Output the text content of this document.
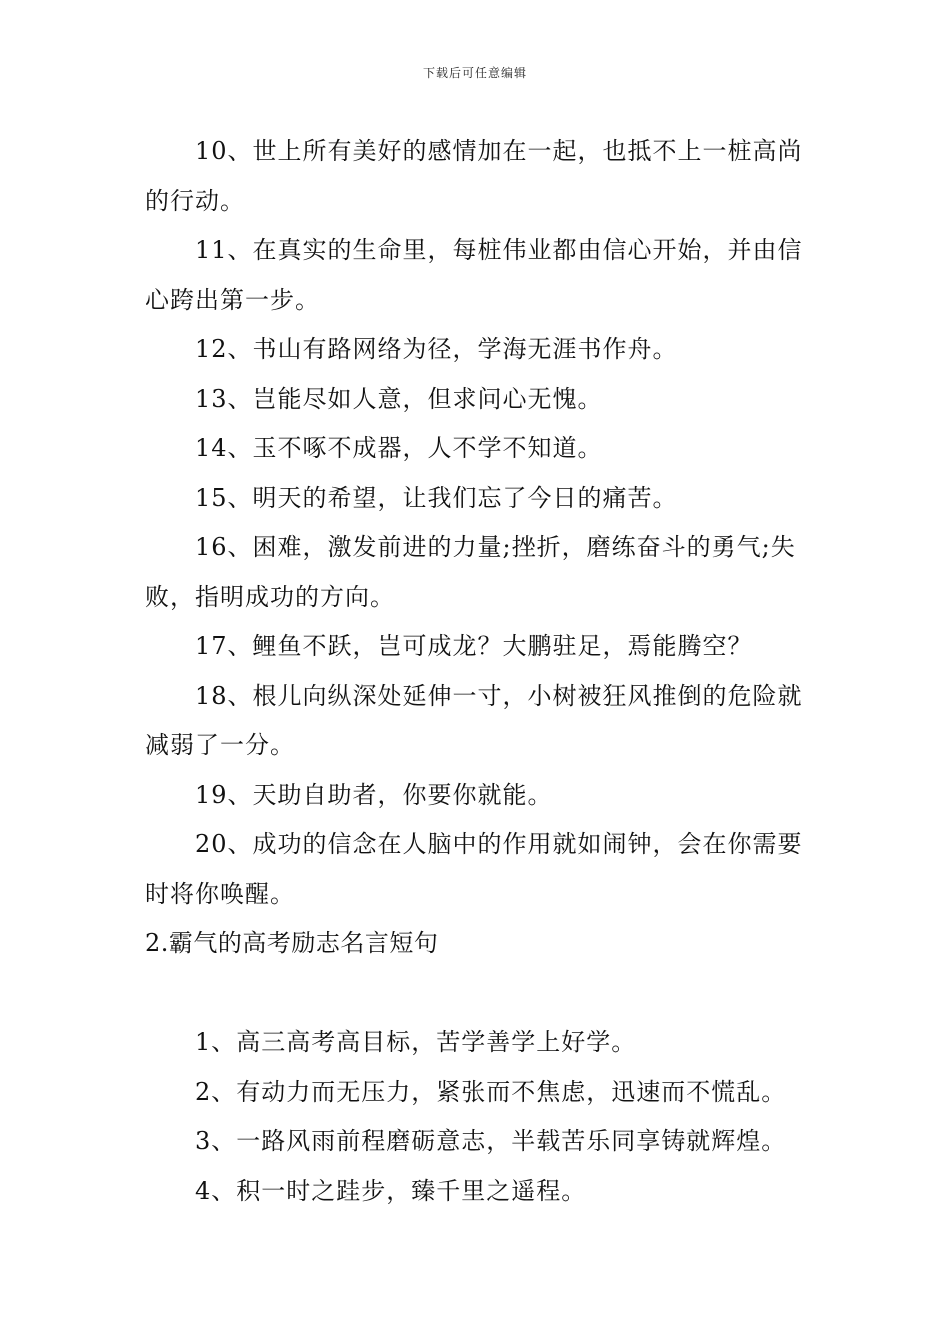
下载后可任意编辑

10、世上所有美好的感情加在一起，也抵不上一桩高尚的行动。

11、在真实的生命里，每桩伟业都由信心开始，并由信心跨出第一步。

12、书山有路网络为径，学海无涯书作舟。

13、岂能尽如人意，但求问心无愧。

14、玉不啄不成器，人不学不知道。

15、明天的希望，让我们忘了今日的痛苦。

16、困难，激发前进的力量;挫折，磨练奋斗的勇气;失败，指明成功的方向。

17、鲤鱼不跃，岂可成龙？大鹏驻足，焉能腾空？

18、根儿向纵深处延伸一寸，小树被狂风推倒的危险就减弱了一分。

19、天助自助者，你要你就能。

20、成功的信念在人脑中的作用就如闹钟，会在你需要时将你唤醒。

2.霸气的高考励志名言短句

1、高三高考高目标，苦学善学上好学。

2、有动力而无压力，紧张而不焦虑，迅速而不慌乱。

3、一路风雨前程磨砺意志，半载苦乐同享铸就辉煌。

4、积一时之跬步，臻千里之遥程。
